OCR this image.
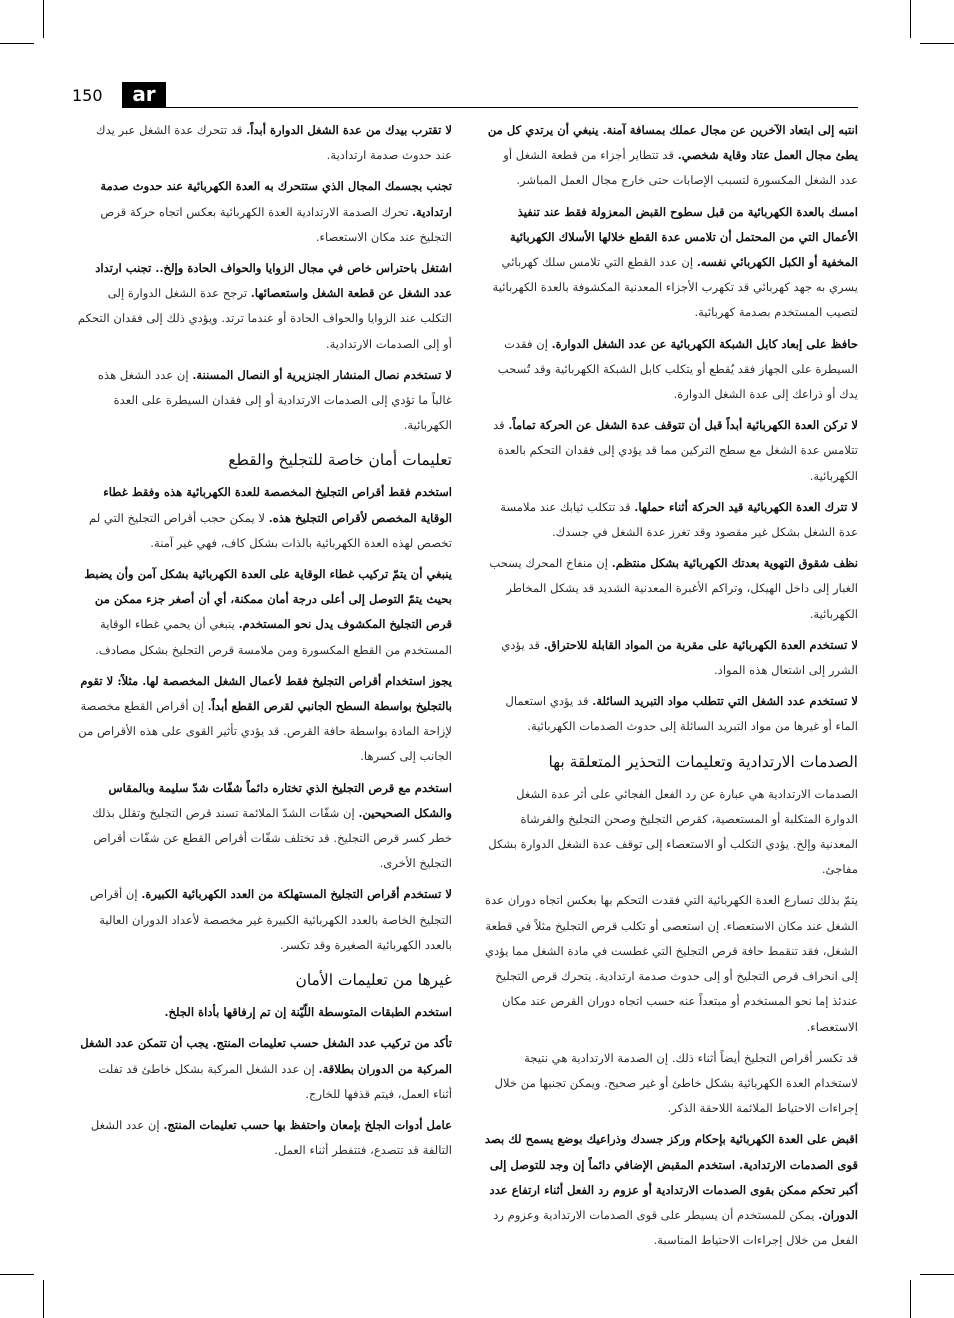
150	ar

انتبه إلى ابتعاد الآخرين عن مجال عملك بمسافة آمنة. ينبغي أن يرتدي كل من يطئ مجال العمل عتاد وقاية شخصي. قد تتطاير أجزاء من قطعة الشغل أو عدد الشغل المكسورة لتسبب الإصابات حتى خارج مجال العمل المباشر.

امسك بالعدة الكهربائية من قبل سطوح القبض المعزولة فقط عند تنفيذ الأعمال التي من المحتمل أن تلامس عدة القطع خلالها الأسلاك الكهربائية المخفية أو الكبل الكهربائي نفسه. إن عدد القطع التي تلامس سلك كهربائي يسري به جهد كهربائي قد تكهرب الأجزاء المعدنية المكشوفة بالعدة الكهربائية لتصيب المستخدم بصدمة كهربائية.

حافظ على إبعاد كابل الشبكة الكهربائية عن عدد الشغل الدوارة. إن فقدت السيطرة على الجهاز فقد يُقطع أو يتكلب كابل الشبكة الكهربائية وقد تُسحب يدك أو ذراعك إلى عدة الشغل الدوارة.

لا تركن العدة الكهربائية أبداً قبل أن تتوقف عدة الشغل عن الحركة تماماً. قد تتلامس عدة الشغل مع سطح التركين مما قد يؤدي إلى فقدان التحكم بالعدة الكهربائية.

لا تترك العدة الكهربائية قيد الحركة أثناء حملها. قد تتكلب ثيابك عند ملامسة عدة الشغل بشكل غير مقصود وقد تغرز عدة الشغل في جسدك.

نظف شقوق التهوية بعدتك الكهربائية بشكل منتظم. إن منفاخ المحرك يسحب الغبار إلى داخل الهيكل، وتراكم الأغبرة المعدنية الشديد قد يشكل المخاطر الكهربائية.

لا تستخدم العدة الكهربائية على مقربة من المواد القابلة للاحتراق. قد يؤدي الشرر إلى اشتعال هذه المواد.

لا تستخدم عدد الشغل التي تتطلب مواد التبريد السائلة. قد يؤدي استعمال الماء أو غيرها من مواد التبريد السائلة إلى حدوث الصدمات الكهربائية.

الصدمات الارتدادية وتعليمات التحذير المتعلقة بها

الصدمات الارتدادية هي عبارة عن رد الفعل الفجائي على أثر عدة الشغل الدوارة المتكلبة أو المستعصية، كقرص التجليخ وصحن التجليخ والفرشاة المعدنية وإلخ. يؤدي التكلب أو الاستعصاء إلى توقف عدة الشغل الدوارة بشكل مفاجئ.

يتمّ بذلك تسارع العدة الكهربائية التي فقدت التحكم بها بعكس اتجاه دوران عدة الشغل عند مكان الاستعصاء. إن استعصى أو تكلب قرص التجليخ مثلاً في قطعة الشغل، فقد تنقمط حافة قرص التجليخ التي غطست في مادة الشغل مما يؤدي إلى انحراف قرص التجليخ أو إلى حدوث صدمة ارتدادية. يتحرك قرص التجليخ عندئذ إما نحو المستخدم أو مبتعداً عنه حسب اتجاه دوران القرص عند مكان الاستعصاء.

قد تكسر أقراص التجليخ أيضاً أثناء ذلك. إن الصدمة الارتدادية هي نتيجة لاستخدام العدة الكهربائية بشكل خاطئ أو غير صحيح. ويمكن تجنبها من خلال إجراءات الاحتياط الملائمة اللاحقة الذكر.

اقبض على العدة الكهربائية بإحكام وركز جسدك وذراعيك بوضع يسمح لك بصد قوى الصدمات الارتدادية. استخدم المقبض الإضافي دائماً إن وجد للتوصل إلى أكبر تحكم ممكن بقوى الصدمات الارتدادية أو عزوم رد الفعل أثناء ارتفاع عدد الدوران. يمكن للمستخدم أن يسيطر على قوى الصدمات الارتدادية وعزوم رد الفعل من خلال إجراءات الاحتياط المناسبة.

لا تقترب بيدك من عدة الشغل الدوارة أبداً. قد تتحرك عدة الشغل عبر يدك عند حدوث صدمة ارتدادية.

تجنب بجسمك المجال الذي ستتحرك به العدة الكهربائية عند حدوث صدمة ارتدادية. تحرك الصدمة الارتدادية العدة الكهربائية بعكس اتجاه حركة قرص التجليخ عند مكان الاستعصاء.

اشتغل باحتراس خاص في مجال الزوايا والحواف الحادة وإلخ.. تجنب ارتداد عدد الشغل عن قطعة الشغل واستعصائها. ترجح عدة الشغل الدوارة إلى التكلب عند الزوايا والحواف الحادة أو عندما ترتد. ويؤدي ذلك إلى فقدان التحكم أو إلى الصدمات الارتدادية.

لا تستخدم نصال المنشار الجنزيرية أو النصال المسننة. إن عدد الشغل هذه غالباً ما تؤدي إلى الصدمات الارتدادية أو إلى فقدان السيطرة على العدة الكهربائية.

تعليمات أمان خاصة للتجليخ والقطع

استخدم فقط أقراص التجليخ المخصصة للعدة الكهربائية هذه وفقط غطاء الوقاية المخصص لأقراص التجليخ هذه. لا يمكن حجب أقراص التجليخ التي لم تخصص لهذه العدة الكهربائية بالذات بشكل كاف، فهي غير آمنة.

ينبغي أن يتمّ تركيب غطاء الوقاية على العدة الكهربائية بشكل آمن وأن يضبط بحيث يتمّ التوصل إلى أعلى درجة أمان ممكنة، أي أن أصغر جزء ممكن من قرص التجليخ المكشوف يدل نحو المستخدم. ينبغي أن يحمي غطاء الوقاية المستخدم من القطع المكسورة ومن ملامسة قرص التجليخ بشكل مصادف.

يجوز استخدام أقراص التجليخ فقط لأعمال الشغل المخصصة لها. مثلاً: لا تقوم بالتجليخ بواسطة السطح الجانبي لقرص القطع أبداً. إن أقراص القطع مخصصة لإزاحة المادة بواسطة حافة القرص. قد يؤدي تأثير القوى على هذه الأقراص من الجانب إلى كسرها.

استخدم مع قرص التجليخ الذي تختاره دائماً شفّات شدّ سليمة وبالمقاس والشكل الصحيحين. إن شفّات الشدّ الملائمة تسند قرص التجليخ وتقلل بذلك خطر كسر قرص التجليخ. قد تختلف شفّات أقراص القطع عن شفّات أقراص التجليخ الأخرى.

لا تستخدم أقراص التجليخ المستهلكة من العدد الكهربائية الكبيرة. إن أقراص التجليخ الخاصة بالعدد الكهربائية الكبيرة غير مخصصة لأعداد الدوران العالية بالعدد الكهربائية الصغيرة وقد تكسر.

غيرها من تعليمات الأمان

استخدم الطبقات المتوسطة اللّيّنة إن تم إرفاقها بأداة الجلخ.

تأكد من تركيب عدد الشغل حسب تعليمات المنتج. يجب أن تتمكن عدد الشغل المركبة من الدوران بطلاقة. إن عدد الشغل المركبة بشكل خاطئ قد تفلت أثناء العمل، فيتم قذفها للخارج.

عامل أدوات الجلخ بإمعان واحتفظ بها حسب تعليمات المنتج. إن عدد الشغل التالفة قد تتصدع، فتتفطر أثناء العمل.
